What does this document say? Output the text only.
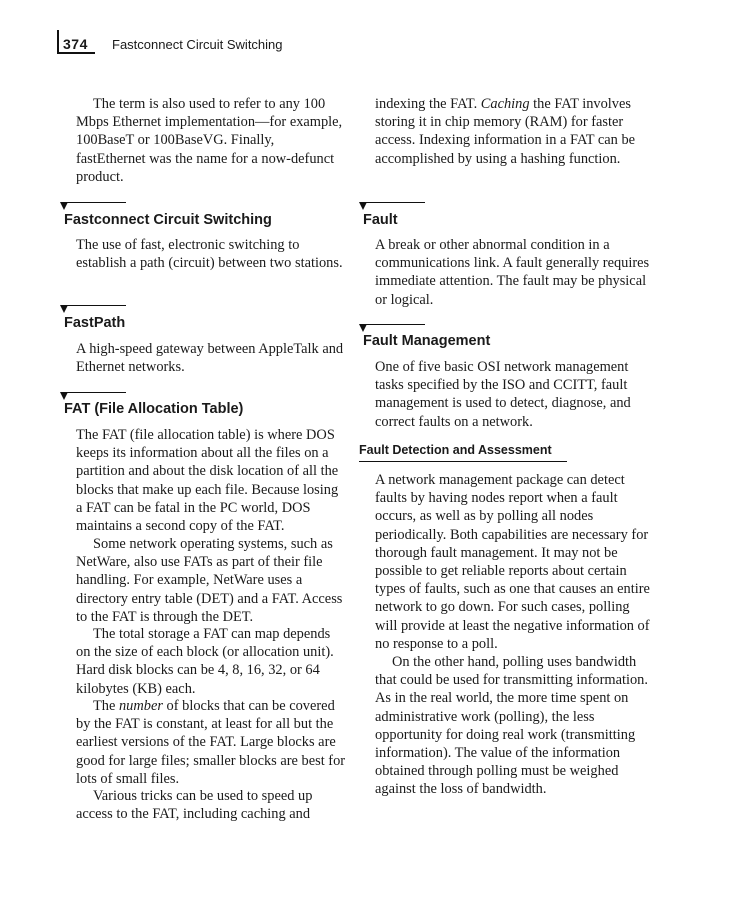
374 Fastconnect Circuit Switching

The term is also used to refer to any 100 Mbps Ethernet implementation—for example, 100BaseT or 100BaseVG. Finally, fastEthernet was the name for a now-defunct product.

Fastconnect Circuit Switching

The use of fast, electronic switching to establish a path (circuit) between two stations.

FastPath

A high-speed gateway between AppleTalk and Ethernet networks.

FAT (File Allocation Table)

The FAT (file allocation table) is where DOS keeps its information about all the files on a partition and about the disk location of all the blocks that make up each file. Because losing a FAT can be fatal in the PC world, DOS maintains a second copy of the FAT.

Some network operating systems, such as NetWare, also use FATs as part of their file handling. For example, NetWare uses a directory entry table (DET) and a FAT. Access to the FAT is through the DET.

The total storage a FAT can map depends on the size of each block (or allocation unit). Hard disk blocks can be 4, 8, 16, 32, or 64 kilobytes (KB) each.

The number of blocks that can be covered by the FAT is constant, at least for all but the earliest versions of the FAT. Large blocks are good for large files; smaller blocks are best for lots of small files.

Various tricks can be used to speed up access to the FAT, including caching and

indexing the FAT. Caching the FAT involves storing it in chip memory (RAM) for faster access. Indexing information in a FAT can be accomplished by using a hashing function.

Fault

A break or other abnormal condition in a communications link. A fault generally requires immediate attention. The fault may be physical or logical.

Fault Management

One of five basic OSI network management tasks specified by the ISO and CCITT, fault management is used to detect, diagnose, and correct faults on a network.

Fault Detection and Assessment

A network management package can detect faults by having nodes report when a fault occurs, as well as by polling all nodes periodically. Both capabilities are necessary for thorough fault management. It may not be possible to get reliable reports about certain types of faults, such as one that causes an entire network to go down. For such cases, polling will provide at least the negative information of no response to a poll.

On the other hand, polling uses bandwidth that could be used for transmitting information. As in the real world, the more time spent on administrative work (polling), the less opportunity for doing real work (transmitting information). The value of the information obtained through polling must be weighed against the loss of bandwidth.
